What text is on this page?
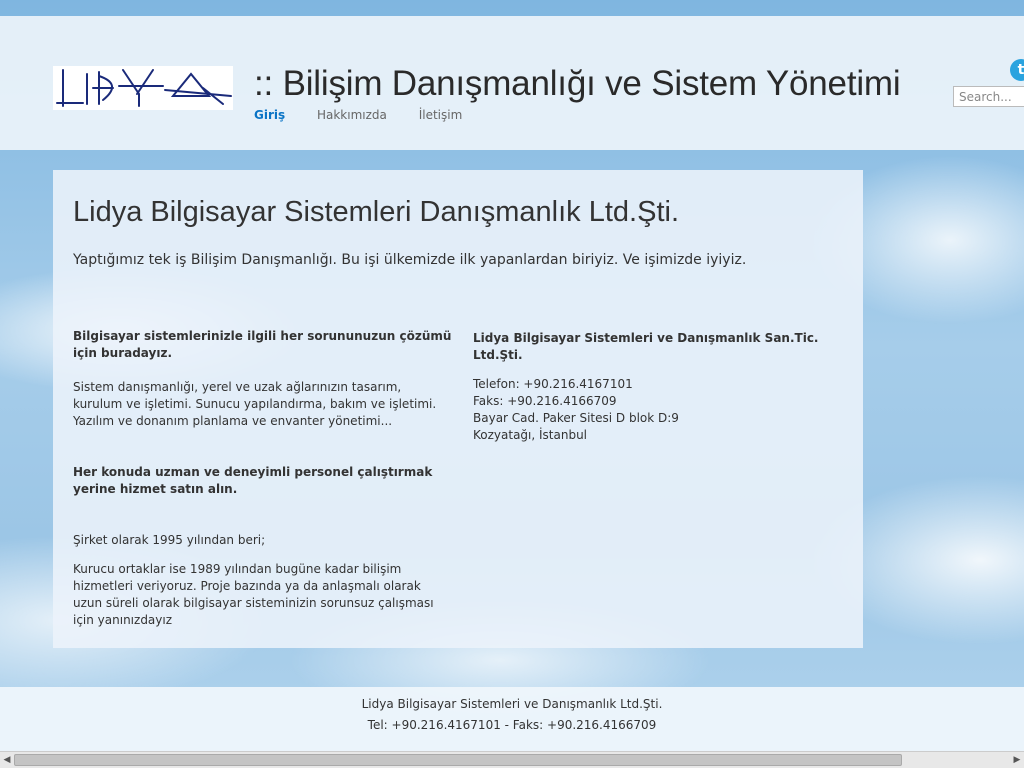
:: Bilişim Danışmanlığı ve Sistem Yönetimi
Giriş	Hakkımızda	İletişim
t
Search...
Lidya Bilgisayar Sistemleri Danışmanlık Ltd.Şti.

Yaptığımız tek iş Bilişim Danışmanlığı. Bu işi ülkemizde ilk yapanlardan biriyiz. Ve işimizde iyiyiz.

Bilgisayar sistemlerinizle ilgili her sorununuzun çözümü için buradayız.

Sistem danışmanlığı, yerel ve uzak ağlarınızın tasarım, kurulum ve işletimi. Sunucu yapılandırma, bakım ve işletimi. Yazılım ve donanım planlama ve envanter yönetimi...

Her konuda uzman ve deneyimli personel çalıştırmak yerine hizmet satın alın.

Şirket olarak 1995 yılından beri;

Kurucu ortaklar ise 1989 yılından bugüne kadar bilişim hizmetleri veriyoruz. Proje bazında ya da anlaşmalı olarak uzun süreli olarak bilgisayar sisteminizin sorunsuz çalışması için yanınızdayız

Lidya Bilgisayar Sistemleri ve Danışmanlık San.Tic. Ltd.Şti.

Telefon: +90.216.4167101

Faks: +90.216.4166709

Bayar Cad. Paker Sitesi D blok D:9

Kozyatağı, İstanbul

Lidya Bilgisayar Sistemleri ve Danışmanlık Ltd.Şti.
Tel: +90.216.4167101 - Faks: +90.216.4166709
◀	▶
